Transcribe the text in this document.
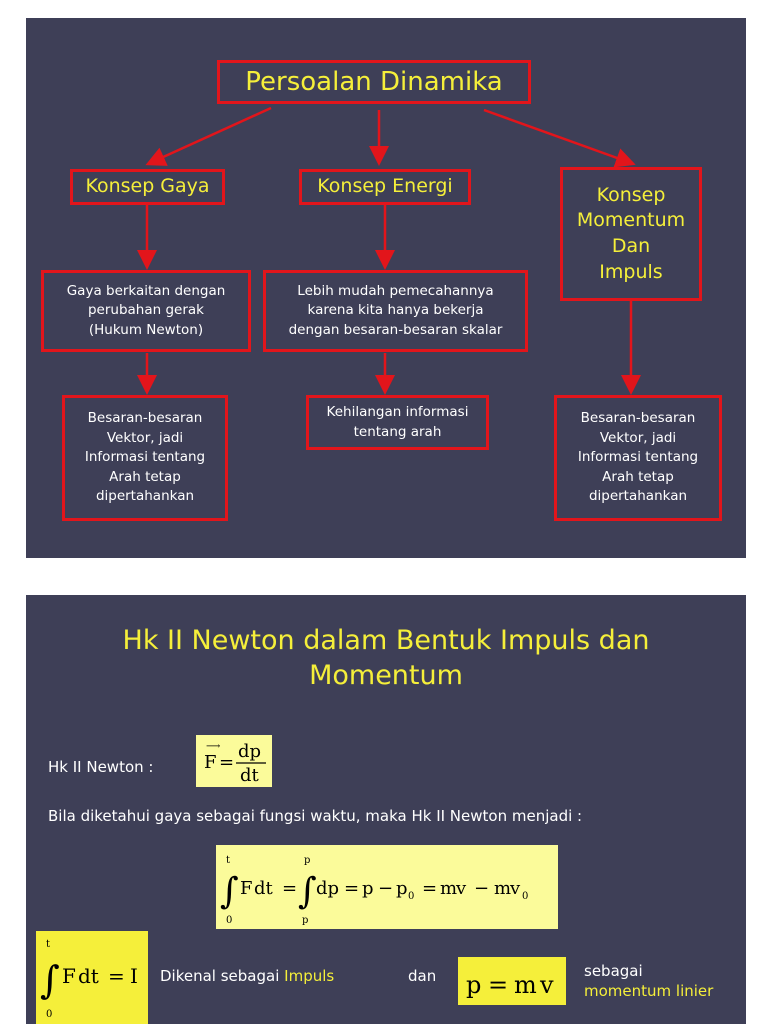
Persoalan Dinamika
Konsep Gaya	Konsep Energi	Konsep
Momentum
Dan
Impuls
Gaya berkaitan dengan
perubahan gerak
(Hukum Newton)
Lebih mudah pemecahannya
karena kita hanya bekerja
dengan besaran-besaran skalar
Besaran-besaran
Vektor, jadi
Informasi tentang
Arah tetap
dipertahankan
Kehilangan informasi
tentang arah
Besaran-besaran
Vektor, jadi
Informasi tentang
Arah tetap
dipertahankan
Hk II Newton dalam Bentuk Impuls dan
Momentum
Hk II Newton :
⟶
F =
dp
dt
Bila diketahui gaya sebagai fungsi waktu, maka Hk II Newton menjadi :
∫
t
0
F dt = ∫
p
p
dp = p − p 0 = m
v − m
v 0
∫
t
0
F dt = I Dikenal sebagai Impuls	dan p = m v sebagai
momentum linier
